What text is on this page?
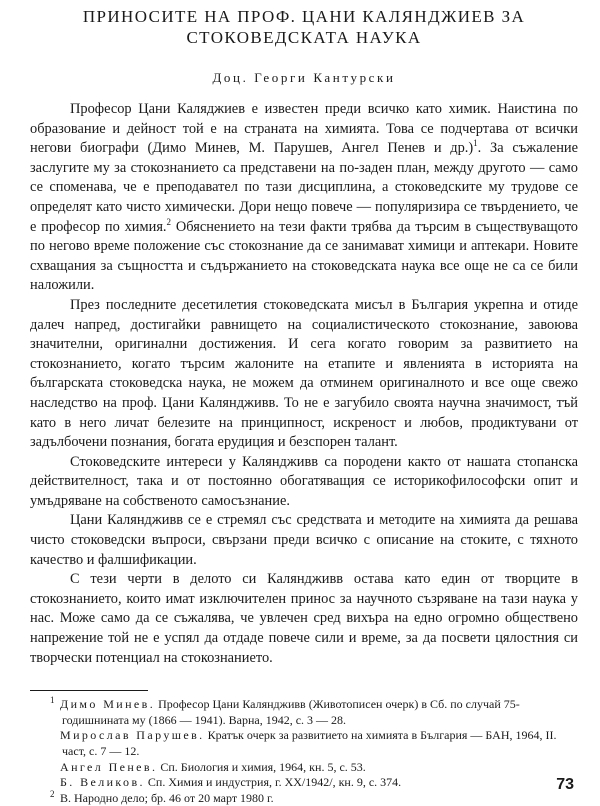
ПРИНОСИТЕ НА ПРОФ. ЦАНИ КАЛЯНДЖИЕВ ЗА
СТОКОВЕДСКАТА НАУКА
Доц. Георги Кантурски

Професор Цани Каляджиев е известен преди всичко като химик. Наистина по образование и дейност той е на страната на химията. Това се подчертава от всички негови биографи (Димо Минев, М. Парушев, Ангел Пенев и др.)$^1$. За съжаление заслугите му за стокознанието са представени на по-заден план, между другото — само се споменава, че е преподавател по тази дисциплина, а стоковедските му трудове се определят като чисто химически. Дори нещо повече — популяризира се твърдението, че е професор по химия.$^2$ Обяснението на тези факти трябва да търсим в съществуващото по негово време положение със стокознание да се занимават химици и аптекари. Новите схващания за същността и съдържанието на стоковедската наука все още не са се били наложили.

През последните десетилетия стоковедската мисъл в България укрепна и отиде далеч напред, достигайки равнището на социалистическото стокознание, завоюва значителни, оригинални достижения. И сега когато говорим за развитието на стокознанието, когато търсим жалоните на етапите и явленията в историята на българската стоковедска наука, не можем да отминем оригиналното и все още свежо наследство на проф. Цани Каляндживв. То не е загубило своята научна значимост, тъй като в него личат белезите на принципност, искреност и любов, продиктувани от задълбочени познания, богата ерудиция и безспорен талант.

Стоковедските интереси у Каляндживв са породени както от нашата стопанска действителност, така и от постоянно обогатяващия се историкофилософски опит и умъдряване на собственото самосъзнание.

Цани Каляндживв се е стремял със средствата и методите на химията да решава чисто стоковедски въпроси, свързани преди всичко с описание на стоките, с тяхното качество и фалшификации.

С тези черти в делото си Каляндживв остава като един от творците в стокознанието, които имат изключителен принос за научното съзряване на тази наука у нас. Може само да се съжалява, че увлечен сред вихъра на едно огромно обществено напрежение той не е успял да отдаде повече сили и време, за да посвети цялостния си творчески потенциал на стокознанието.

1 Димо Минев. Професор Цани Каляндживв (Животописен очерк) в Сб. по случай 75-годишнината му (1866 — 1941). Варна, 1942, с. 3 — 28.
Мирослав Парушев. Кратък очерк за развитието на химията в България — БАН, 1964, II. част, с. 7 — 12.
Ангел Пенев. Сп. Биология и химия, 1964, кн. 5, с. 53.
Б. Великов. Сп. Химия и индустрия, г. XX/1942/, кн. 9, с. 374.
2 В. Народно дело; бр. 46 от 20 март 1980 г.
73
